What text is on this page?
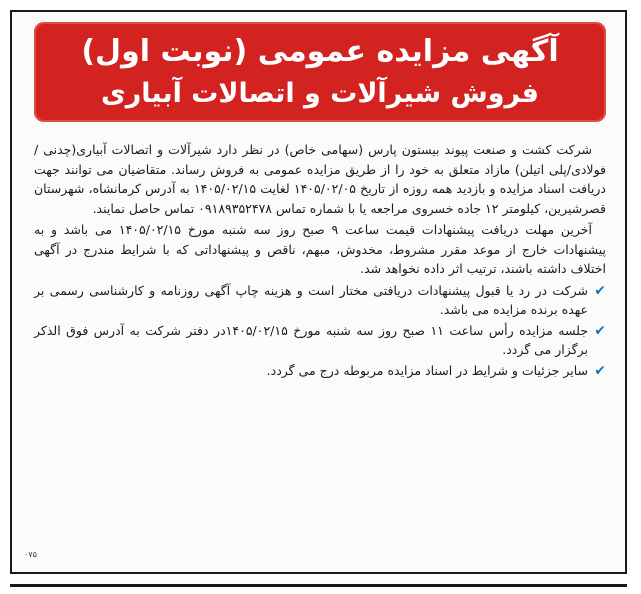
آگهی مزایده عمومی (نوبت اول)
فروش شیرآلات و اتصالات آبیاری

شرکت کشت و صنعت پیوند بیستون پارس (سهامی خاص) در نظر دارد شیرآلات و اتصالات آبیاری(چدنی /فولادی/پلی اتیلن) مازاد متعلق به خود را از طریق مزایده عمومی به فروش رساند. متقاضیان می توانند جهت دریافت اسناد مزایده و بازدید همه روزه از تاریخ ۱۴۰۵/۰۲/۰۵ لغایت ۱۴۰۵/۰۲/۱۵ به آدرس کرمانشاه، شهرستان قصرشیرین، کیلومتر ۱۲ جاده خسروی مراجعه یا با شماره تماس ۰۹۱۸۹۳۵۲۴۷۸ تماس حاصل نمایند.

آخرین مهلت دریافت پیشنهادات قیمت ساعت ۹ صبح روز سه شنبه مورخ ۱۴۰۵/۰۲/۱۵ می باشد و به پیشنهادات خارج از موعد مقرر مشروط، مخدوش، مبهم، ناقص و پیشنهاداتی که با شرایط مندرج در آگهی اختلاف داشته باشند، ترتیب اثر داده نخواهد شد.

✔
شرکت در رد یا قبول پیشنهادات دریافتی مختار است و هزینه چاپ آگهی روزنامه و کارشناسی رسمی بر عهده برنده مزایده می باشد.
✔
جلسه مزایده رأس ساعت ۱۱ صبح روز سه شنبه مورخ ۱۴۰۵/۰۲/۱۵در دفتر شرکت به آدرس فوق الذکر برگزار می گردد.
✔
سایر جزئیات و شرایط در اسناد مزایده مربوطه درج می گردد.
۰۷۵
